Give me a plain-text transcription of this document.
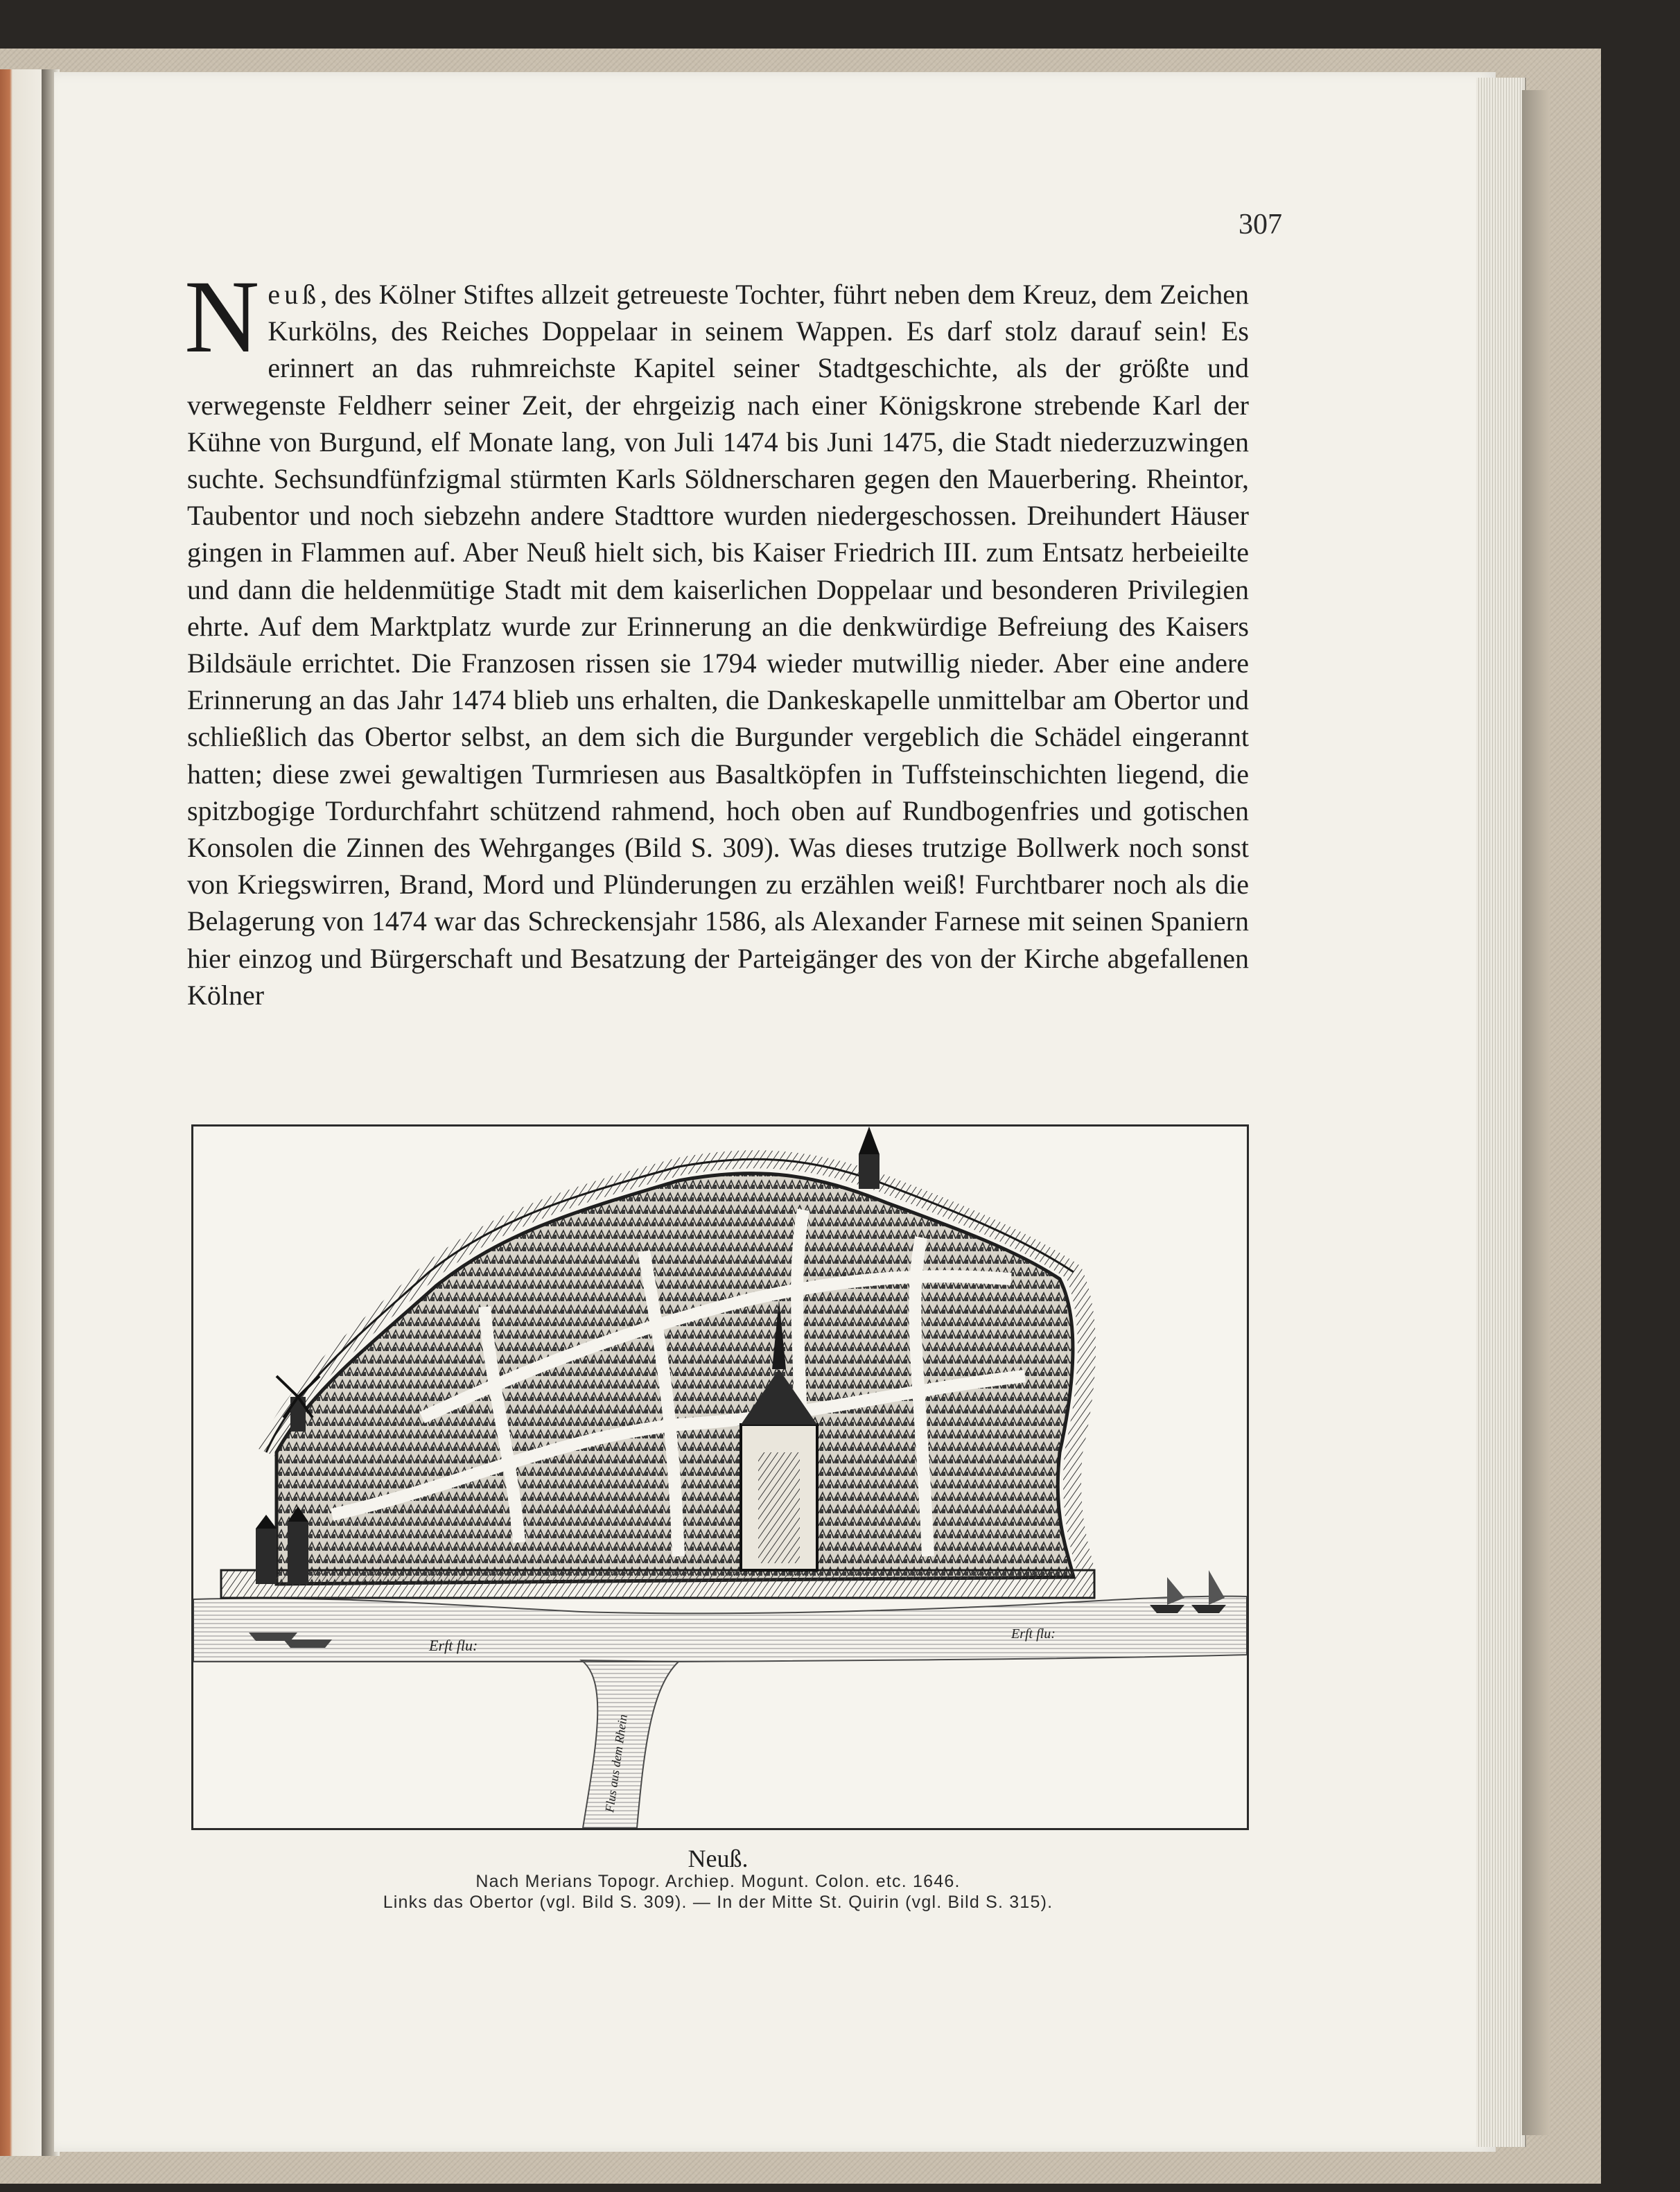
307
Neuß, des Kölner Stiftes allzeit getreueste Tochter, führt neben dem Kreuz, dem Zeichen Kurkölns, des Reiches Doppelaar in seinem Wappen. Es darf stolz darauf sein! Es erinnert an das ruhmreichste Kapitel seiner Stadtgeschichte, als der größte und verwegenste Feldherr seiner Zeit, der ehrgeizig nach einer Königskrone strebende Karl der Kühne von Burgund, elf Monate lang, von Juli 1474 bis Juni 1475, die Stadt niederzuzwingen suchte. Sechsundfünfzigmal stürmten Karls Söldnerscharen gegen den Mauerbering. Rheintor, Taubentor und noch siebzehn andere Stadttore wurden niedergeschossen. Dreihundert Häuser gingen in Flammen auf. Aber Neuß hielt sich, bis Kaiser Friedrich III. zum Entsatz herbeieilte und dann die heldenmütige Stadt mit dem kaiserlichen Doppelaar und besonderen Privilegien ehrte. Auf dem Marktplatz wurde zur Erinnerung an die denkwürdige Befreiung des Kaisers Bildsäule errichtet. Die Franzosen rissen sie 1794 wieder mutwillig nieder. Aber eine andere Erinnerung an das Jahr 1474 blieb uns erhalten, die Dankeskapelle unmittelbar am Obertor und schließlich das Obertor selbst, an dem sich die Burgunder vergeblich die Schädel eingerannt hatten; diese zwei gewaltigen Turmriesen aus Basaltköpfen in Tuffsteinschichten liegend, die spitzbogige Tordurchfahrt schützend rahmend, hoch oben auf Rundbogenfries und gotischen Konsolen die Zinnen des Wehrganges (Bild S. 309). Was dieses trutzige Bollwerk noch sonst von Kriegswirren, Brand, Mord und Plünderungen zu erzählen weiß! Furchtbarer noch als die Belagerung von 1474 war das Schreckensjahr 1586, als Alexander Farnese mit seinen Spaniern hier einzog und Bürgerschaft und Besatzung der Parteigänger des von der Kirche abgefallenen Kölner
Erft flu:
Erft flu:
Flus aus dem Rhein
Neuß.
Nach Merians Topogr. Archiep. Mogunt. Colon. etc. 1646.
Links das Obertor (vgl. Bild S. 309). — In der Mitte St. Quirin (vgl. Bild S. 315).
